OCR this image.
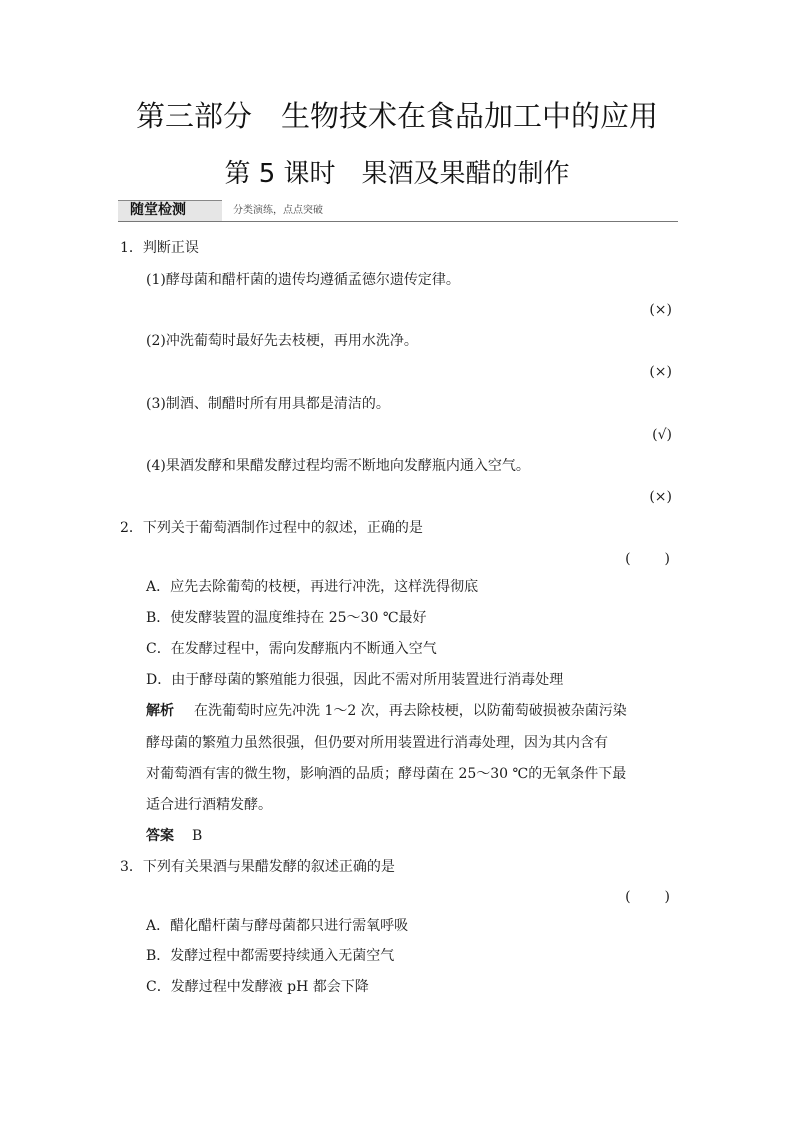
第三部分　生物技术在食品加工中的应用
第 5 课时　果酒及果醋的制作
随堂检测	分类演练，点点突破
1．判断正误
(1)酵母菌和醋杆菌的遗传均遵循孟德尔遗传定律。
(×)
(2)冲洗葡萄时最好先去枝梗，再用水洗净。
(×)
(3)制酒、制醋时所有用具都是清洁的。
(√)
(4)果酒发酵和果醋发酵过程均需不断地向发酵瓶内通入空气。
(×)
2．下列关于葡萄酒制作过程中的叙述，正确的是
(　　)
A．应先去除葡萄的枝梗，再进行冲洗，这样洗得彻底
B．使发酵装置的温度维持在 25～30 ℃最好
C．在发酵过程中，需向发酵瓶内不断通入空气
D．由于酵母菌的繁殖能力很强，因此不需对所用装置进行消毒处理
解析 在洗葡萄时应先冲洗 1～2 次，再去除枝梗，以防葡萄破损被杂菌污染
酵母菌的繁殖力虽然很强，但仍要对所用装置进行消毒处理，因为其内含有
对葡萄酒有害的微生物，影响酒的品质；酵母菌在 25～30 ℃的无氧条件下最
适合进行酒精发酵。
答案 B
3．下列有关果酒与果醋发酵的叙述正确的是
(　　)
A．醋化醋杆菌与酵母菌都只进行需氧呼吸
B．发酵过程中都需要持续通入无菌空气
C．发酵过程中发酵液 pH 都会下降
